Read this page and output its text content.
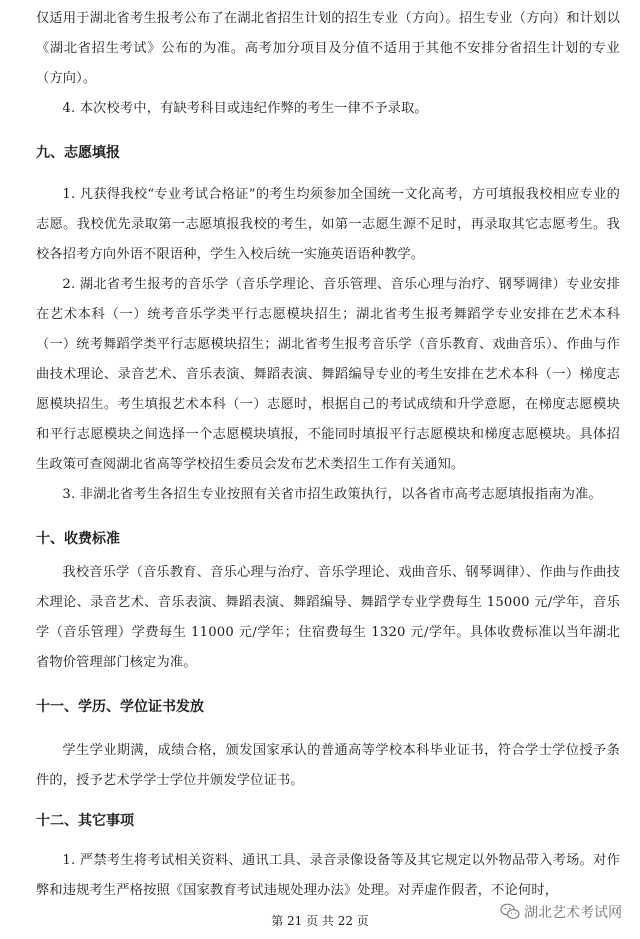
仅适用于湖北省考生报考公布了在湖北省招生计划的招生专业（方向）。招生专业（方向）和计划以《湖北省招生考试》公布的为准。高考加分项目及分值不适用于其他不安排分省招生计划的专业（方向）。
4. 本次校考中，有缺考科目或违纪作弊的考生一律不予录取。
九、志愿填报
1. 凡获得我校“专业考试合格证”的考生均须参加全国统一文化高考，方可填报我校相应专业的志愿。我校优先录取第一志愿填报我校的考生，如第一志愿生源不足时，再录取其它志愿考生。我校各招考方向外语不限语种，学生入校后统一实施英语语种教学。
2. 湖北省考生报考的音乐学（音乐学理论、音乐管理、音乐心理与治疗、钢琴调律）专业安排在艺术本科（一）统考音乐学类平行志愿模块招生；湖北省考生报考舞蹈学专业安排在艺术本科（一）统考舞蹈学类平行志愿模块招生；湖北省考生报考音乐学（音乐教育、戏曲音乐）、作曲与作曲技术理论、录音艺术、音乐表演、舞蹈表演、舞蹈编导专业的考生安排在艺术本科（一）梯度志愿模块招生。考生填报艺术本科（一）志愿时，根据自己的考试成绩和升学意愿，在梯度志愿模块和平行志愿模块之间选择一个志愿模块填报，不能同时填报平行志愿模块和梯度志愿模块。具体招生政策可查阅湖北省高等学校招生委员会发布艺术类招生工作有关通知。
3. 非湖北省考生各招生专业按照有关省市招生政策执行，以各省市高考志愿填报指南为准。
十、收费标准
我校音乐学（音乐教育、音乐心理与治疗、音乐学理论、戏曲音乐、钢琴调律）、作曲与作曲技术理论、录音艺术、音乐表演、舞蹈表演、舞蹈编导、舞蹈学专业学费每生 15000 元/学年，音乐学（音乐管理）学费每生 11000 元/学年；住宿费每生 1320 元/学年。具体收费标准以当年湖北省物价管理部门核定为准。
十一、学历、学位证书发放
学生学业期满，成绩合格，颁发国家承认的普通高等学校本科毕业证书，符合学士学位授予条件的，授予艺术学学士学位并颁发学位证书。
十二、其它事项
1. 严禁考生将考试相关资料、通讯工具、录音录像设备等及其它规定以外物品带入考场。对作弊和违规考生严格按照《国家教育考试违规处理办法》处理。对弄虚作假者，不论何时，
第 21 页 共 22 页	湖北艺术考试网
